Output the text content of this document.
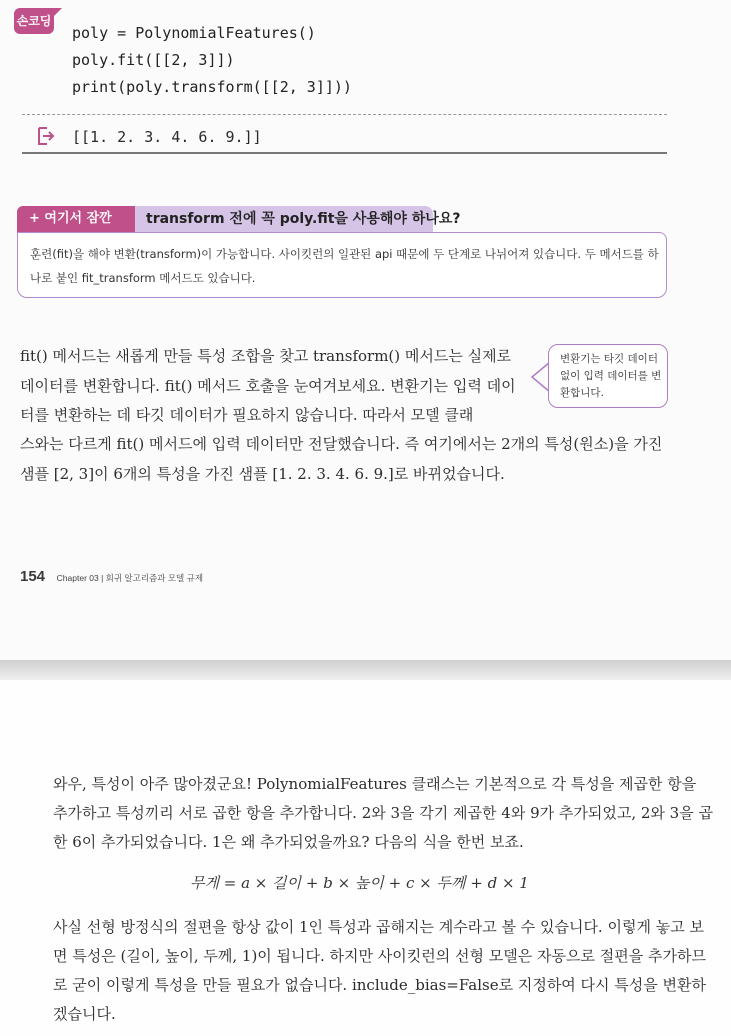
손코딩
poly = PolynomialFeatures()
poly.fit([[2, 3]])
print(poly.transform([[2, 3]]))
[[1. 2. 3. 4. 6. 9.]]
+ 여기서 잠깐	transform 전에 꼭 poly.fit을 사용해야 하나요?
훈련(fit)을 해야 변환(transform)이 가능합니다. 사이킷런의 일관된 api 때문에 두 단계로 나뉘어져 있습니다. 두 메서드를 하나로 붙인 fit_transform 메서드도 있습니다.
fit() 메서드는 새롭게 만들 특성 조합을 찾고 transform() 메서드는 실제로 데이터를 변환합니다. fit() 메서드 호출을 눈여겨보세요. 변환기는 입력 데이터를 변환하는 데 타깃 데이터가 필요하지 않습니다. 따라서 모델 클래
스와는 다르게 fit() 메서드에 입력 데이터만 전달했습니다. 즉 여기에서는 2개의 특성(원소)을 가진 샘플 [2, 3]이 6개의 특성을 가진 샘플 [1. 2. 3. 4. 6. 9.]로 바뀌었습니다.
변환기는 타깃 데이터 없이 입력 데이터를 변환합니다.
154 Chapter 03 | 회귀 알고리즘과 모델 규제
와우, 특성이 아주 많아졌군요! PolynomialFeatures 클래스는 기본적으로 각 특성을 제곱한 항을 추가하고 특성끼리 서로 곱한 항을 추가합니다. 2와 3을 각기 제곱한 4와 9가 추가되었고, 2와 3을 곱한 6이 추가되었습니다. 1은 왜 추가되었을까요? 다음의 식을 한번 보죠.
무게 = a × 길이 + b × 높이 + c × 두께 + d × 1
사실 선형 방정식의 절편을 항상 값이 1인 특성과 곱해지는 계수라고 볼 수 있습니다. 이렇게 놓고 보면 특성은 (길이, 높이, 두께, 1)이 됩니다. 하지만 사이킷런의 선형 모델은 자동으로 절편을 추가하므로 굳이 이렇게 특성을 만들 필요가 없습니다. include_bias=False로 지정하여 다시 특성을 변환하겠습니다.
